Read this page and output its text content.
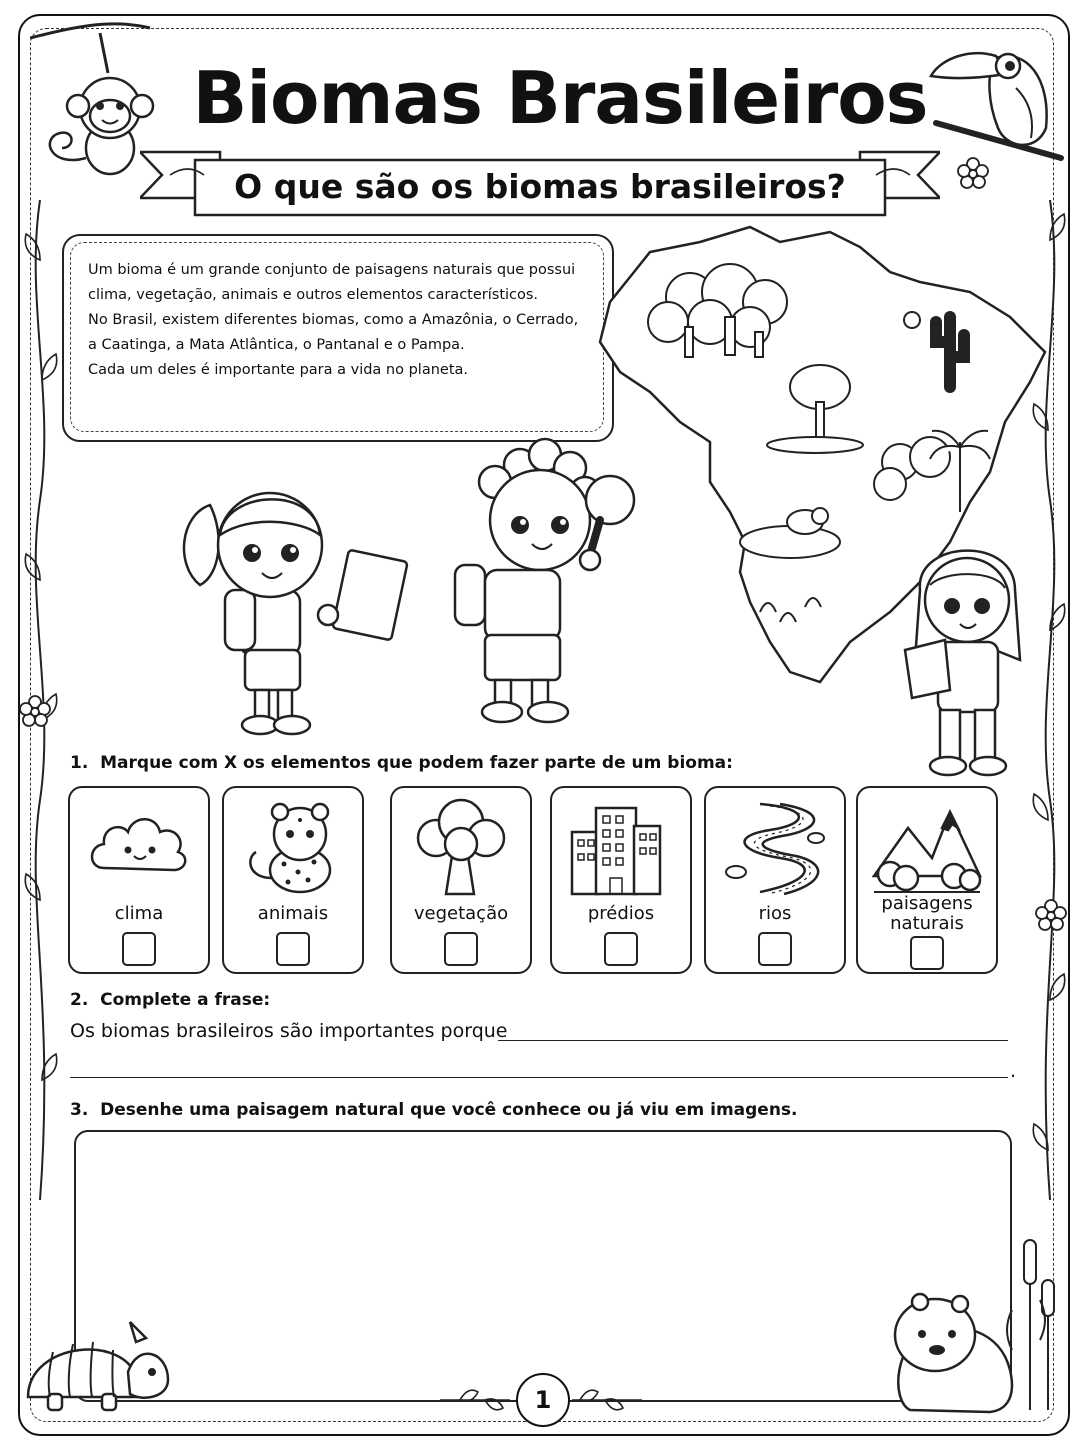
Biomas Brasileiros
O que são os biomas brasileiros?
Um bioma é um grande conjunto de paisagens naturais que possui
clima, vegetação, animais e outros elementos característicos.
No Brasil, existem diferentes biomas, como a Amazônia, o Cerrado,
a Caatinga, a Mata Atlântica, o Pantanal e o Pampa.
Cada um deles é importante para a vida no planeta.
1. Marque com X os elementos que podem fazer parte de um bioma:
clima	animais	vegetação	prédios	rios	paisagens
naturais
2. Complete a frase:
Os biomas brasileiros são importantes porque
.
3. Desenhe uma paisagem natural que você conhece ou já viu em imagens.
1
